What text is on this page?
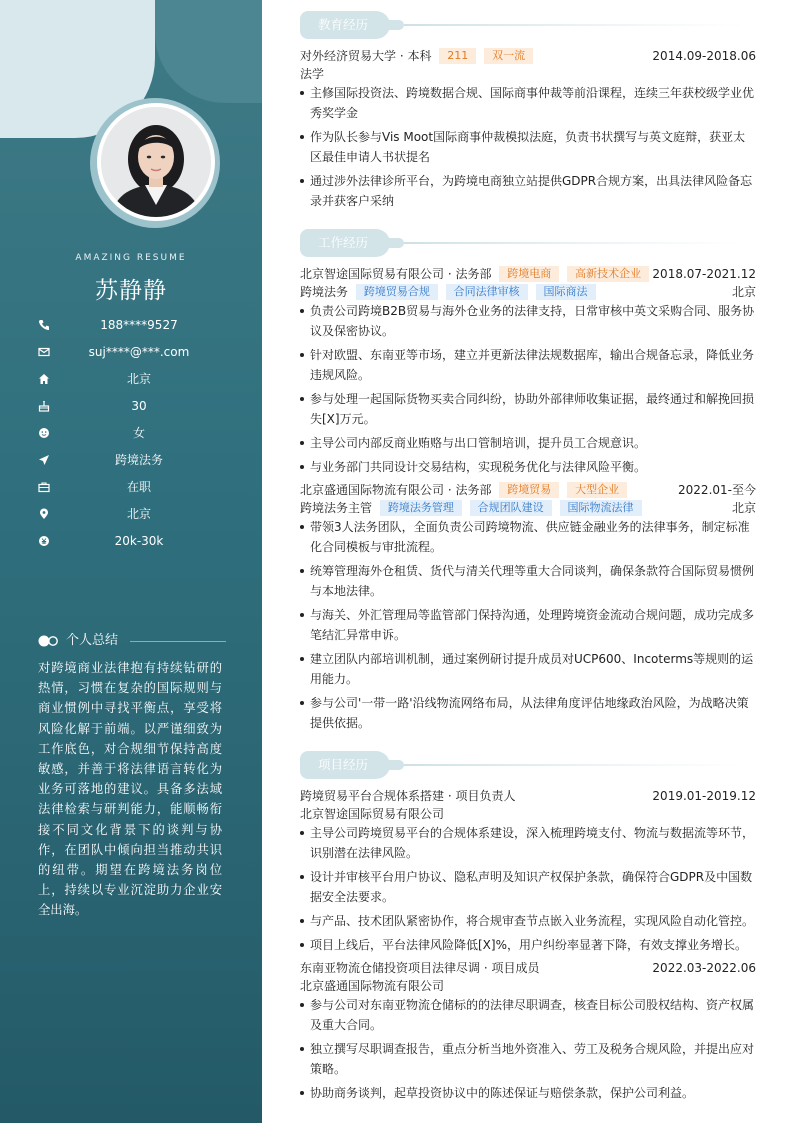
AMAZING RESUME
苏静静
188****9527
suj****@***.com
北京
30
女
跨境法务
在职
北京
20k-30k
个人总结
对跨境商业法律抱有持续钻研的热情，习惯在复杂的国际规则与商业惯例中寻找平衡点，享受将风险化解于前端。以严谨细致为工作底色，对合规细节保持高度敏感，并善于将法律语言转化为业务可落地的建议。具备多法域法律检索与研判能力，能顺畅衔接不同文化背景下的谈判与协作，在团队中倾向担当推动共识的纽带。期望在跨境法务岗位上，持续以专业沉淀助力企业安全出海。
教育经历
对外经济贸易大学 · 本科 211 双一流	2014.09-2018.06
法学
主修国际投资法、跨境数据合规、国际商事仲裁等前沿课程，连续三年获校级学业优秀奖学金
作为队长参与Vis Moot国际商事仲裁模拟法庭，负责书状撰写与英文庭辩，获亚太区最佳申请人书状提名
通过涉外法律诊所平台，为跨境电商独立站提供GDPR合规方案，出具法律风险备忘录并获客户采纳
工作经历
北京智途国际贸易有限公司 · 法务部 跨境电商 高新技术企业 2018.07-2021.12
跨境法务 跨境贸易合规 合同法律审核 国际商法	北京
负责公司跨境B2B贸易与海外仓业务的法律支持，日常审核中英文采购合同、服务协议及保密协议。
针对欧盟、东南亚等市场，建立并更新法律法规数据库，输出合规备忘录，降低业务违规风险。
参与处理一起国际货物买卖合同纠纷，协助外部律师收集证据，最终通过和解挽回损失[X]万元。
主导公司内部反商业贿赂与出口管制培训，提升员工合规意识。
与业务部门共同设计交易结构，实现税务优化与法律风险平衡。
北京盛通国际物流有限公司 · 法务部 跨境贸易 大型企业	2022.01-至今
跨境法务主管 跨境法务管理 合规团队建设 国际物流法律	北京
带领3人法务团队，全面负责公司跨境物流、供应链金融业务的法律事务，制定标准化合同模板与审批流程。
统筹管理海外仓租赁、货代与清关代理等重大合同谈判，确保条款符合国际贸易惯例与本地法律。
与海关、外汇管理局等监管部门保持沟通，处理跨境资金流动合规问题，成功完成多笔结汇异常申诉。
建立团队内部培训机制，通过案例研讨提升成员对UCP600、Incoterms等规则的运用能力。
参与公司'一带一路'沿线物流网络布局，从法律角度评估地缘政治风险，为战略决策提供依据。
项目经历
跨境贸易平台合规体系搭建 · 项目负责人	2019.01-2019.12
北京智途国际贸易有限公司
主导公司跨境贸易平台的合规体系建设，深入梳理跨境支付、物流与数据流等环节，识别潜在法律风险。
设计并审核平台用户协议、隐私声明及知识产权保护条款，确保符合GDPR及中国数据安全法要求。
与产品、技术团队紧密协作，将合规审查节点嵌入业务流程，实现风险自动化管控。
项目上线后，平台法律风险降低[X]%，用户纠纷率显著下降，有效支撑业务增长。
东南亚物流仓储投资项目法律尽调 · 项目成员	2022.03-2022.06
北京盛通国际物流有限公司
参与公司对东南亚物流仓储标的的法律尽职调查，核查目标公司股权结构、资产权属及重大合同。
独立撰写尽职调查报告，重点分析当地外资准入、劳工及税务合规风险，并提出应对策略。
协助商务谈判，起草投资协议中的陈述保证与赔偿条款，保护公司利益。
